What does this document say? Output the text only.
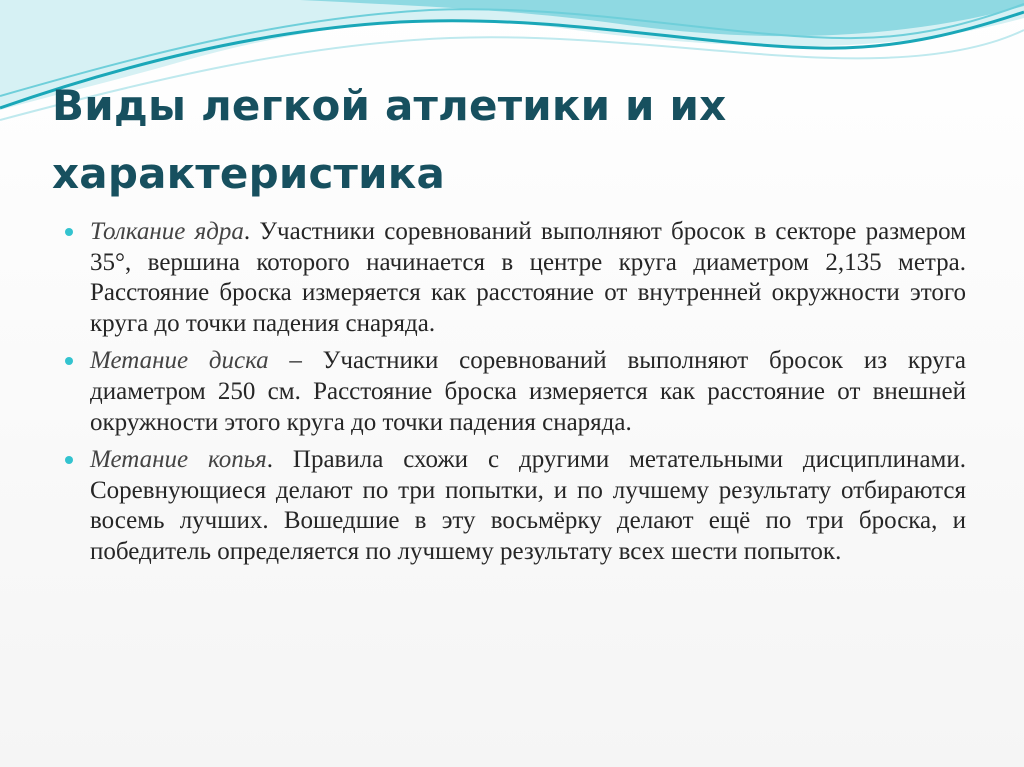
Виды легкой атлетики и их характеристика
Толкание ядра. Участники соревнований выполняют бросок в секторе размером 35°, вершина которого начинается в центре круга диаметром 2,135 метра. Расстояние броска измеряется как расстояние от внутренней окружности этого круга до точки падения снаряда.
Метание диска – Участники соревнований выполняют бросок из круга диаметром 250 см. Расстояние броска измеряется как расстояние от внешней окружности этого круга до точки падения снаряда.
Метание копья. Правила схожи с другими метательными дисциплинами. Соревнующиеся делают по три попытки, и по лучшему результату отбираются восемь лучших. Вошедшие в эту восьмёрку делают ещё по три броска, и победитель определяется по лучшему результату всех шести попыток.
